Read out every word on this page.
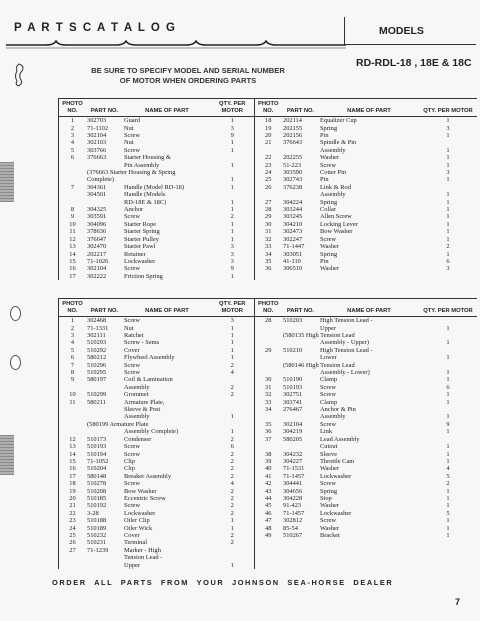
P A R T S C A T A L O G	MODELS
RD-RDL-18 , 18E & 18C
BE SURE TO SPECIFY MODEL AND SERIAL NUMBER
OF MOTOR WHEN ORDERING PARTS
PHOTO NO.	PART NO.	NAME OF PART	QTY. PER MOTOR	PHOTO NO.	PART NO.	NAME OF PART	QTY. PER MOTOR
1	302703	Guard	1	18	202114	Equalizer Cup	1
2	71-1102	Nut	3	19	202155	Spring	3
3	302104	Screw	9	20	202156	Pin	1
4	302103	Nut	1	21	376643	Spindle & Pin	
5	303766	Screw	1			Assembly	1
6	376663	Starter Housing &		22	202255	Washer	1
		Pin Assembly	1	23	51-223	Screw	1
	(376663 Starter Housing & Spring			24	303590	Cotter Pin	3
	Complete)		1	25	302743	Pin	1
7	304361	Handle (Model RD-18)	1	26	376238	Link & Rod	
	304501	Handle (Models				Assembly	1
		RD-18E & 18C)	1	27	304224	Spring	1
8	304325	Anchor	1	28	303244	Collar	1
9	303591	Screw	2	29	303245	Allen Screw	1
10	304096	Starter Rope	1	30	304210	Locking Lever	1
11	378636	Starter Spring	1	31	302473	Bow Washer	1
12	376647	Starter Pulley	1	32	302247	Screw	1
13	302470	Starter Pawl	3	33	71-1447	Washer	2
14	202217	Retainer	3	34	303051	Spring	1
15	71-1026	Lockwasher	3	35	41-110	Pin	6
16	302104	Screw	9	36	306510	Washer	3
17	302222	Friction Spring	1				
PHOTO NO.	PART NO.	NAME OF PART	QTY. PER MOTOR	PHOTO NO.	PART NO.	NAME OF PART	QTY. PER MOTOR
1	302468	Screw	3	28	510203	High Tension Lead -	
2	71-1331	Nut	1			Upper	1
3	302111	Ratchet	1		(580135 High Tension Lead		
4	510293	Screw - Sems	1			Assembly - Upper)	1
5	510292	Cover	1	29	510210	High Tension Lead -	
6	580212	Flywheel Assembly	1			Lower	1
7	510296	Screw	2		(580146 High Tension Lead		
8	510295	Screw	4			Assembly - Lower)	1
9	580197	Coil & Lamination		30	510190	Clamp	1
		Assembly	2	31	510193	Screw	6
10	510299	Grommet	2	32	302751	Screw	1
11	580211	Armature Plate,		33	303741	Clamp	1
		Sleeve & Post		34	276467	Anchor & Pin	
		Assembly	1			Assembly	1
	(580199 Armature Plate			35	302104	Screw	9
		Assembly Complete)	1	36	304219	Link	1
12	510173	Condenser	2	37	580205	Lead Assembly	
13	510193	Screw	6			Cutout	1
14	510194	Screw	2	38	304232	Sleeve	1
15	71-1052	Clip	2	39	304227	Throttle Cam	1
16	510204	Clip	2	40	71-1531	Washer	4
17	580148	Breaker Assembly	2	41	71-1457	Lockwasher	5
18	510278	Screw	4	42	304441	Screw	2
19	510208	Bow Washer	2	43	304656	Spring	1
20	510185	Eccentric Screw	2	44	304228	Stop	1
21	510192	Screw	2	45	91-423	Washer	1
22	3-28	Lockwasher	2	46	71-1457	Lockwasher	5
23	510188	Oiler Clip	1	47	302812	Screw	1
24	510189	Oiler Wick	1	48	85-54	Washer	1
25	510232	Cover	2	49	510267	Bracket	1
26	510231	Terminal	2				
27	71-1239	Marker - High					
		Tension Lead -					
		Upper	1				
ORDER ALL PARTS FROM YOUR JOHNSON SEA-HORSE DEALER
7
